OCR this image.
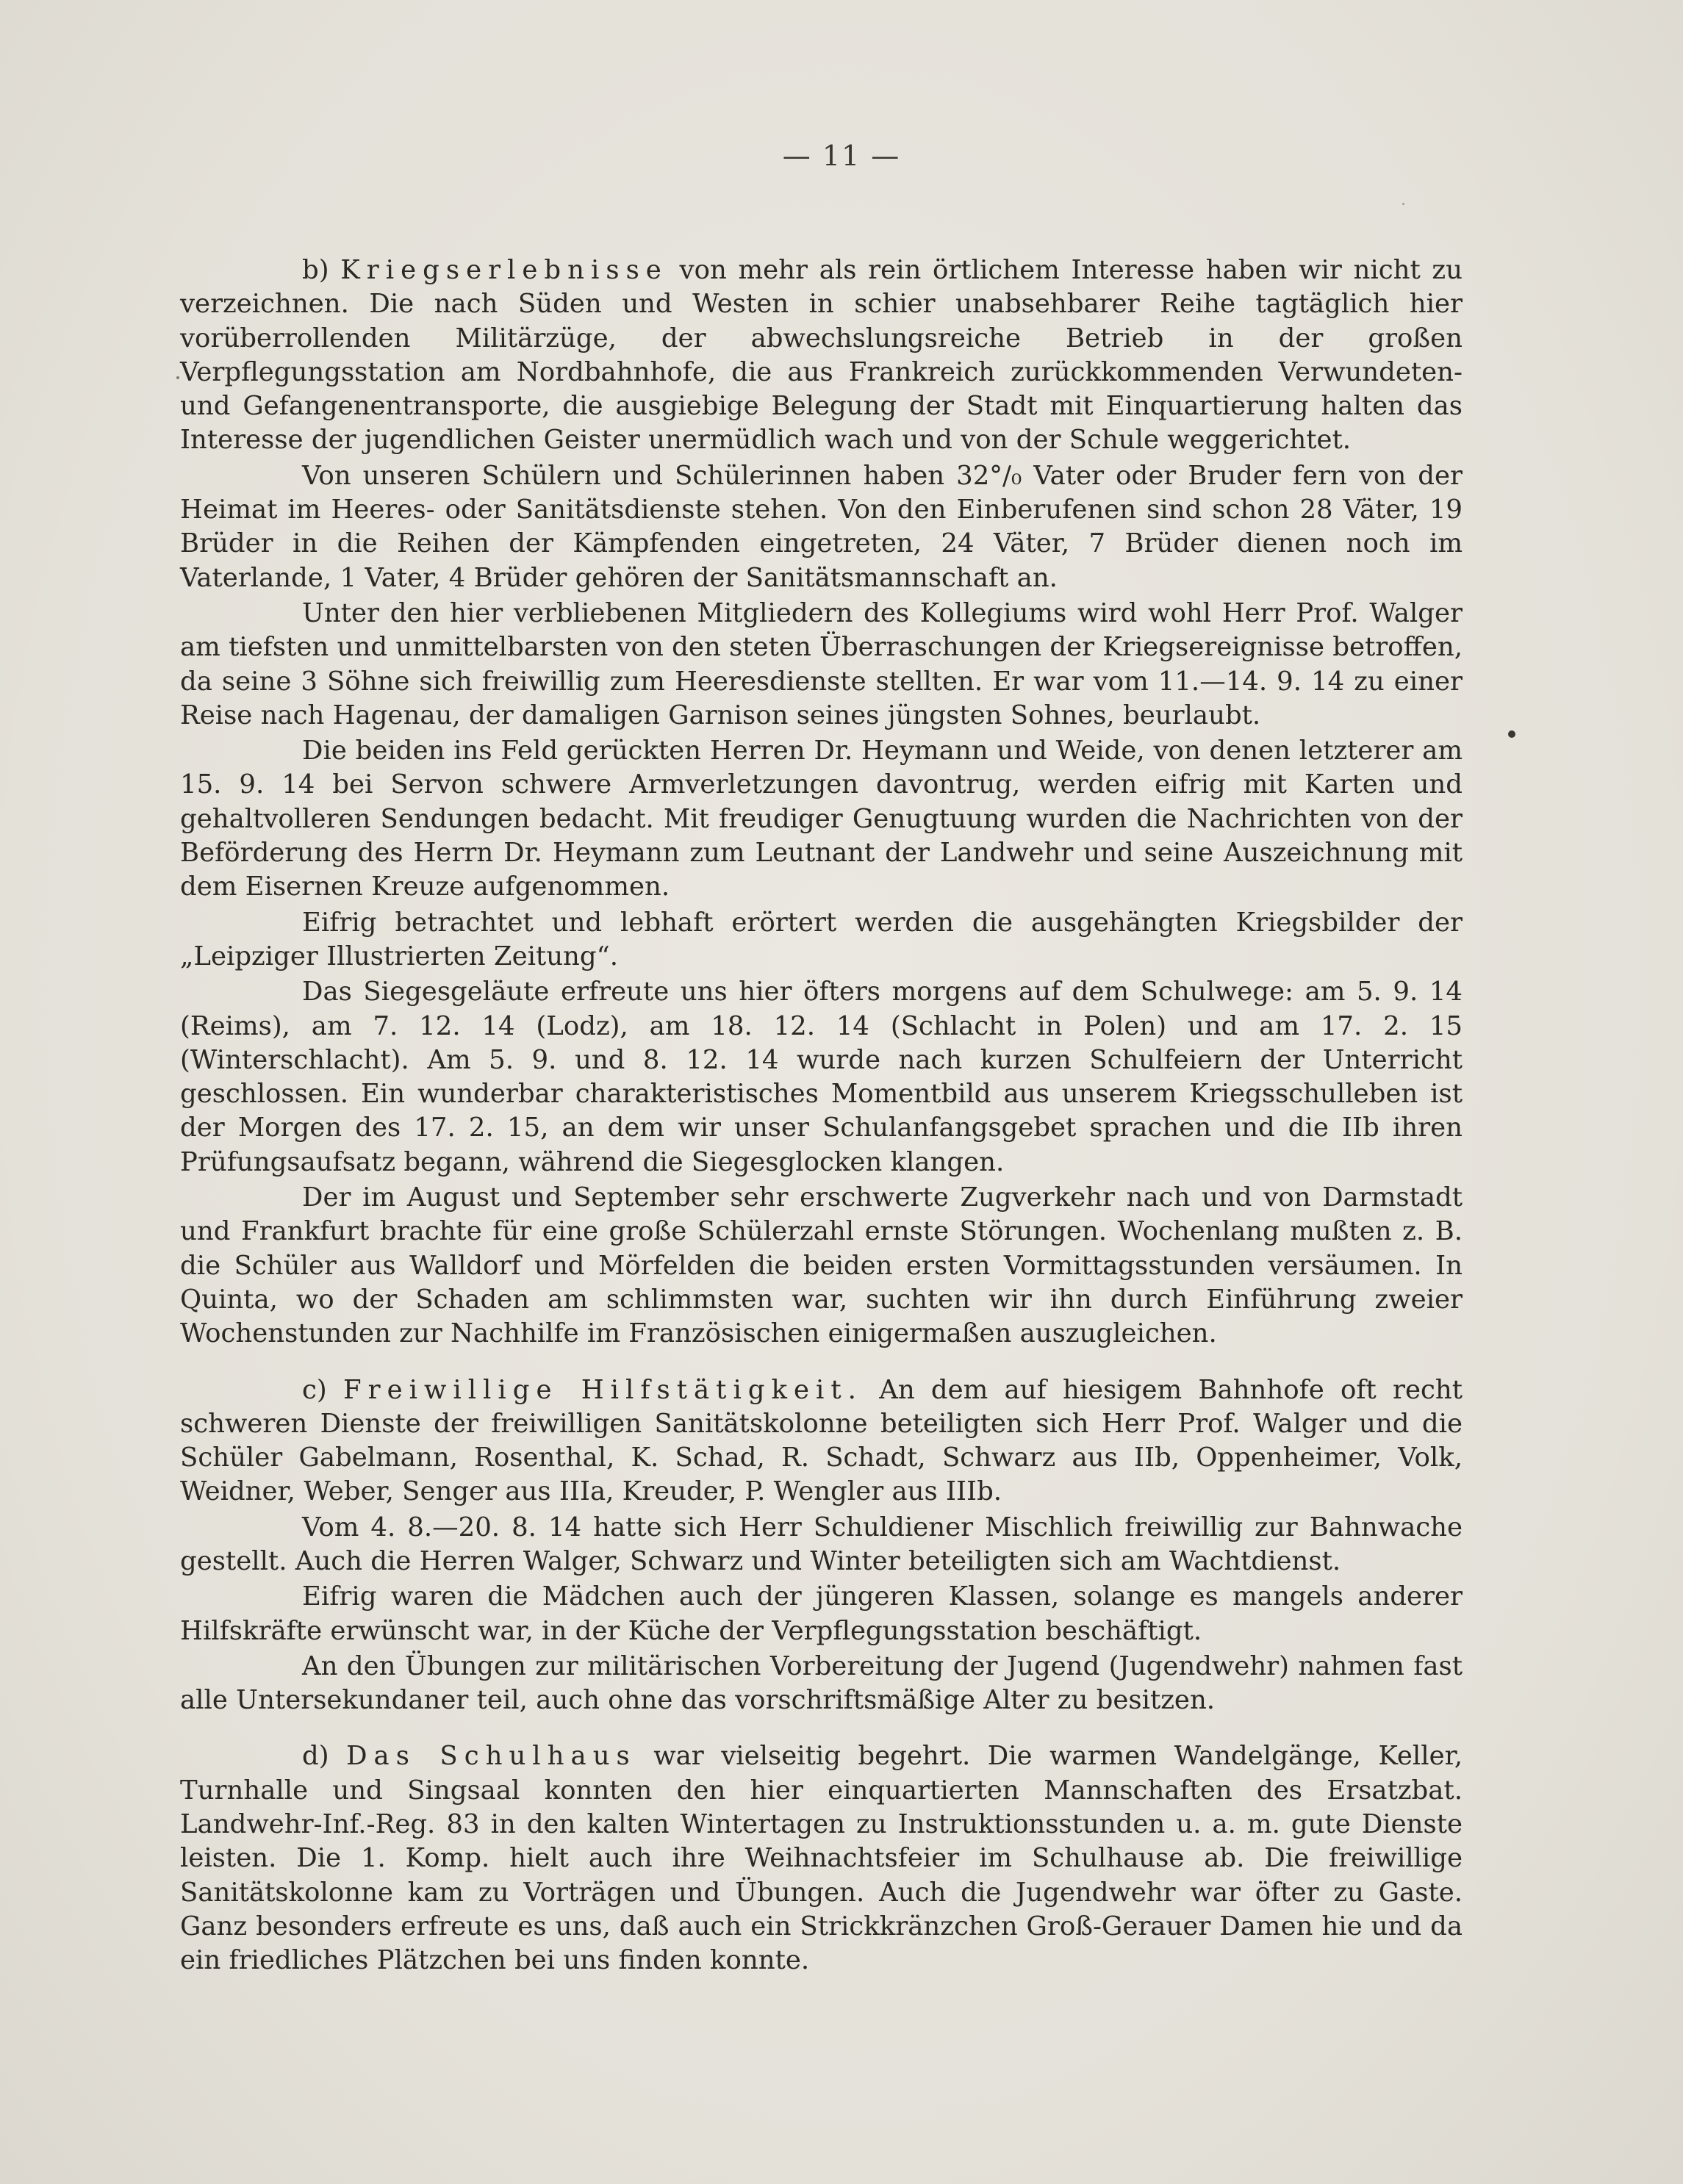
— 11 —

b) Kriegserlebnisse von mehr als rein örtlichem Interesse haben wir nicht zu verzeichnen. Die nach Süden und Westen in schier unabsehbarer Reihe tagtäglich hier vorüberrollenden Militärzüge, der abwechslungsreiche Betrieb in der großen Verpflegungsstation am Nordbahnhofe, die aus Frankreich zurückkommenden Verwundeten- und Gefangenentransporte, die ausgiebige Belegung der Stadt mit Einquartierung halten das Interesse der jugendlichen Geister unermüdlich wach und von der Schule weggerichtet.

Von unseren Schülern und Schülerinnen haben 32°/₀ Vater oder Bruder fern von der Heimat im Heeres- oder Sanitätsdienste stehen. Von den Einberufenen sind schon 28 Väter, 19 Brüder in die Reihen der Kämpfenden eingetreten, 24 Väter, 7 Brüder dienen noch im Vaterlande, 1 Vater, 4 Brüder gehören der Sanitätsmannschaft an.

Unter den hier verbliebenen Mitgliedern des Kollegiums wird wohl Herr Prof. Walger am tiefsten und unmittelbarsten von den steten Überraschungen der Kriegsereignisse betroffen, da seine 3 Söhne sich freiwillig zum Heeresdienste stellten. Er war vom 11.—14. 9. 14 zu einer Reise nach Hagenau, der damaligen Garnison seines jüngsten Sohnes, beurlaubt.

Die beiden ins Feld gerückten Herren Dr. Heymann und Weide, von denen letzterer am 15. 9. 14 bei Servon schwere Armverletzungen davontrug, werden eifrig mit Karten und gehaltvolleren Sendungen bedacht. Mit freudiger Genugtuung wurden die Nachrichten von der Beförderung des Herrn Dr. Heymann zum Leutnant der Landwehr und seine Auszeichnung mit dem Eisernen Kreuze aufgenommen.

Eifrig betrachtet und lebhaft erörtert werden die ausgehängten Kriegsbilder der „Leipziger Illustrierten Zeitung“.

Das Siegesgeläute erfreute uns hier öfters morgens auf dem Schulwege: am 5. 9. 14 (Reims), am 7. 12. 14 (Lodz), am 18. 12. 14 (Schlacht in Polen) und am 17. 2. 15 (Winterschlacht). Am 5. 9. und 8. 12. 14 wurde nach kurzen Schulfeiern der Unterricht geschlossen. Ein wunderbar charakteristisches Momentbild aus unserem Kriegsschulleben ist der Morgen des 17. 2. 15, an dem wir unser Schulanfangsgebet sprachen und die IIb ihren Prüfungsaufsatz begann, während die Siegesglocken klangen.

Der im August und September sehr erschwerte Zugverkehr nach und von Darmstadt und Frankfurt brachte für eine große Schülerzahl ernste Störungen. Wochenlang mußten z. B. die Schüler aus Walldorf und Mörfelden die beiden ersten Vormittagsstunden versäumen. In Quinta, wo der Schaden am schlimmsten war, suchten wir ihn durch Einführung zweier Wochenstunden zur Nachhilfe im Französischen einigermaßen auszugleichen.

c) Freiwillige Hilfstätigkeit. An dem auf hiesigem Bahnhofe oft recht schweren Dienste der freiwilligen Sanitätskolonne beteiligten sich Herr Prof. Walger und die Schüler Gabelmann, Rosenthal, K. Schad, R. Schadt, Schwarz aus IIb, Oppenheimer, Volk, Weidner, Weber, Senger aus IIIa, Kreuder, P. Wengler aus IIIb.

Vom 4. 8.—20. 8. 14 hatte sich Herr Schuldiener Mischlich freiwillig zur Bahnwache gestellt. Auch die Herren Walger, Schwarz und Winter beteiligten sich am Wachtdienst.

Eifrig waren die Mädchen auch der jüngeren Klassen, solange es mangels anderer Hilfskräfte erwünscht war, in der Küche der Verpflegungsstation beschäftigt.

An den Übungen zur militärischen Vorbereitung der Jugend (Jugendwehr) nahmen fast alle Untersekundaner teil, auch ohne das vorschriftsmäßige Alter zu besitzen.

d) Das Schulhaus war vielseitig begehrt. Die warmen Wandelgänge, Keller, Turnhalle und Singsaal konnten den hier einquartierten Mannschaften des Ersatzbat. Landwehr-Inf.-Reg. 83 in den kalten Wintertagen zu Instruktionsstunden u. a. m. gute Dienste leisten. Die 1. Komp. hielt auch ihre Weihnachtsfeier im Schulhause ab. Die freiwillige Sanitätskolonne kam zu Vorträgen und Übungen. Auch die Jugendwehr war öfter zu Gaste. Ganz besonders erfreute es uns, daß auch ein Strickkränzchen Groß-Gerauer Damen hie und da ein friedliches Plätzchen bei uns finden konnte.
